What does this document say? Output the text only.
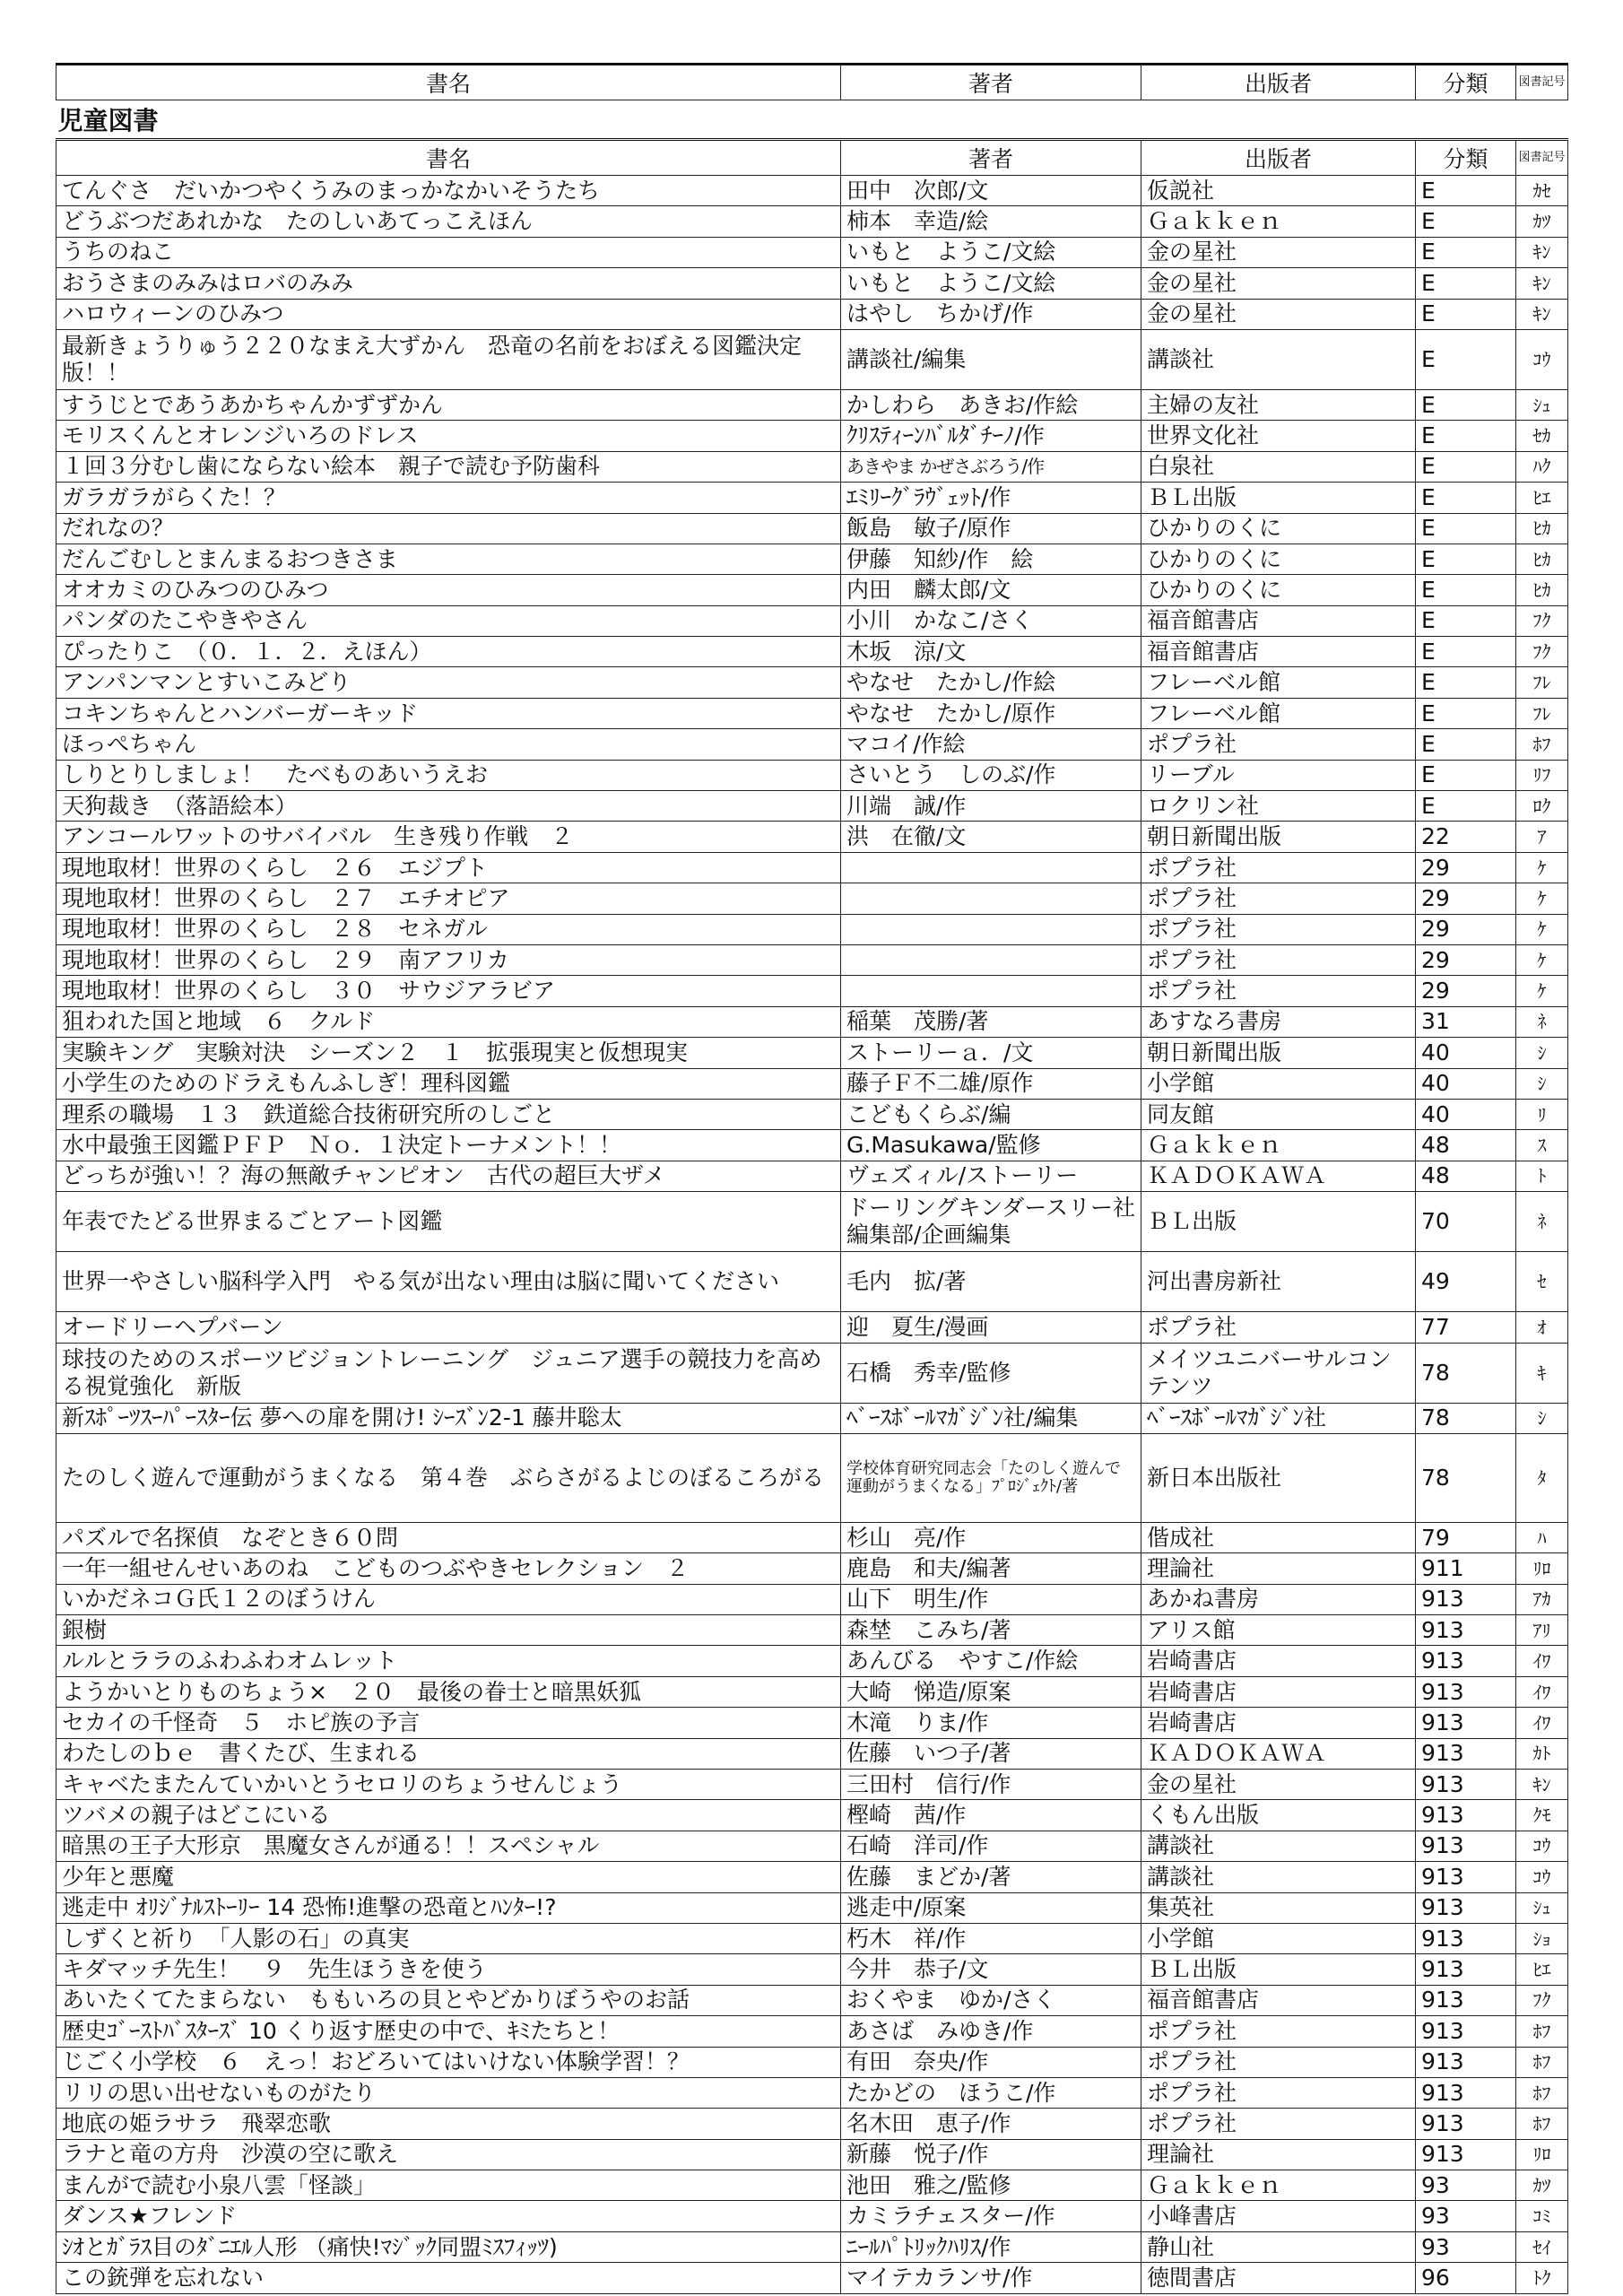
書名	著者	出版者	分類	図書記号
児童図書				
書名	著者	出版者	分類	図書記号
てんぐさ　だいかつやくうみのまっかなかいそうたち	田中　次郎/文	仮説社	E	ｶｾ
どうぶつだあれかな　たのしいあてっこえほん	柿本　幸造/絵	Ｇａｋｋｅｎ	E	ｶﾂ
うちのねこ	いもと　ようこ/文絵	金の星社	E	ｷﾝ
おうさまのみみはロバのみみ	いもと　ようこ/文絵	金の星社	E	ｷﾝ
ハロウィーンのひみつ	はやし　ちかげ/作	金の星社	E	ｷﾝ
最新きょうりゅう２２０なまえ大ずかん　恐竜の名前をおぼえる図鑑決定版！！	講談社/編集	講談社	E	ｺｳ
すうじとであうあかちゃんかずずかん	かしわら　あきお/作絵	主婦の友社	E	ｼｭ
モリスくんとオレンジいろのドレス	ｸﾘｽﾃｨｰﾝﾊﾞﾙﾀﾞﾁｰﾉ/作	世界文化社	E	ｾｶ
１回３分むし歯にならない絵本　親子で読む予防歯科	あきやま かぜさぶろう/作	白泉社	E	ﾊｸ
ガラガラがらくた！？	ｴﾐﾘｰｸﾞﾗｳﾞｪｯﾄ/作	ＢＬ出版	E	ﾋｴ
だれなの？	飯島　敏子/原作	ひかりのくに	E	ﾋｶ
だんごむしとまんまるおつきさま	伊藤　知紗/作　絵	ひかりのくに	E	ﾋｶ
オオカミのひみつのひみつ	内田　麟太郎/文	ひかりのくに	E	ﾋｶ
パンダのたこやきやさん	小川　かなこ/さく	福音館書店	E	ﾌｸ
ぴったりこ　（０．１．２．えほん）	木坂　涼/文	福音館書店	E	ﾌｸ
アンパンマンとすいこみどり	やなせ　たかし/作絵	フレーベル館	E	ﾌﾚ
コキンちゃんとハンバーガーキッド	やなせ　たかし/原作	フレーベル館	E	ﾌﾚ
ほっぺちゃん	マコイ/作絵	ポプラ社	E	ﾎﾌ
しりとりしましょ！　たべものあいうえお	さいとう　しのぶ/作	リーブル	E	ﾘﾌ
天狗裁き　（落語絵本）	川端　誠/作	ロクリン社	E	ﾛｸ
アンコールワットのサバイバル　生き残り作戦　２	洪　在徹/文	朝日新聞出版	22	ｱ
現地取材！世界のくらし　２６　エジプト		ポプラ社	29	ｹ
現地取材！世界のくらし　２７　エチオピア		ポプラ社	29	ｹ
現地取材！世界のくらし　２８　セネガル		ポプラ社	29	ｹ
現地取材！世界のくらし　２９　南アフリカ		ポプラ社	29	ｹ
現地取材！世界のくらし　３０　サウジアラビア		ポプラ社	29	ｹ
狙われた国と地域　６　クルド	稲葉　茂勝/著	あすなろ書房	31	ﾈ
実験キング　実験対決　シーズン２　１　拡張現実と仮想現実	ストーリーａ．/文	朝日新聞出版	40	ｼ
小学生のためのドラえもんふしぎ！理科図鑑	藤子Ｆ不二雄/原作	小学館	40	ｼ
理系の職場　１３　鉄道総合技術研究所のしごと	こどもくらぶ/編	同友館	40	ﾘ
水中最強王図鑑ＰＦＰ　Ｎｏ．１決定トーナメント！！	G.Masukawa/監修	Ｇａｋｋｅｎ	48	ｽ
どっちが強い！？海の無敵チャンピオン　古代の超巨大ザメ	ヴェズィル/ストーリー	ＫＡＤＯＫＡＷＡ	48	ﾄ
年表でたどる世界まるごとアート図鑑	ドーリングキンダースリー社編集部/企画編集	ＢＬ出版	70	ﾈ
世界一やさしい脳科学入門　やる気が出ない理由は脳に聞いてください	毛内　拡/著	河出書房新社	49	ｾ
オードリーヘプバーン	迎　夏生/漫画	ポプラ社	77	ｵ
球技のためのスポーツビジョントレーニング　ジュニア選手の競技力を高める視覚強化　新版	石橋　秀幸/監修	メイツユニバーサルコンテンツ	78	ｷ
新ｽﾎﾟｰﾂｽｰﾊﾟｰｽﾀｰ伝 夢への扉を開け! ｼｰｽﾞﾝ2-1 藤井聡太	ﾍﾞｰｽﾎﾞｰﾙﾏｶﾞｼﾞﾝ社/編集	ﾍﾞｰｽﾎﾞｰﾙﾏｶﾞｼﾞﾝ社	78	ｼ
たのしく遊んで運動がうまくなる　第４巻　ぶらさがるよじのぼるころがる	学校体育研究同志会「たのしく遊んで運動がうまくなる」ﾌﾟﾛｼﾞｪｸﾄ/著	新日本出版社	78	ﾀ
パズルで名探偵　なぞとき６０問	杉山　亮/作	偕成社	79	ﾊ
一年一組せんせいあのね　こどものつぶやきセレクション　２	鹿島　和夫/編著	理論社	911	ﾘﾛ
いかだネコＧ氏１２のぼうけん	山下　明生/作	あかね書房	913	ｱｶ
銀樹	森埜　こみち/著	アリス館	913	ｱﾘ
ルルとララのふわふわオムレット	あんびる　やすこ/作絵	岩崎書店	913	ｲﾜ
ようかいとりものちょう×　２０　最後の眷士と暗黒妖狐	大崎　悌造/原案	岩崎書店	913	ｲﾜ
セカイの千怪奇　５　ホピ族の予言	木滝　りま/作	岩崎書店	913	ｲﾜ
わたしのｂｅ　書くたび、生まれる	佐藤　いつ子/著	ＫＡＤＯＫＡＷＡ	913	ｶﾄ
キャベたまたんていかいとうセロリのちょうせんじょう	三田村　信行/作	金の星社	913	ｷﾝ
ツバメの親子はどこにいる	樫崎　茜/作	くもん出版	913	ｸﾓ
暗黒の王子大形京　黒魔女さんが通る！！スペシャル	石崎　洋司/作	講談社	913	ｺｳ
少年と悪魔	佐藤　まどか/著	講談社	913	ｺｳ
逃走中 ｵﾘｼﾞﾅﾙｽﾄｰﾘｰ 14 恐怖!進撃の恐竜とﾊﾝﾀｰ!?	逃走中/原案	集英社	913	ｼｭ
しずくと祈り　「人影の石」の真実	朽木　祥/作	小学館	913	ｼｮ
キダマッチ先生！　９　先生ほうきを使う	今井　恭子/文	ＢＬ出版	913	ﾋｴ
あいたくてたまらない　ももいろの貝とやどかりぼうやのお話	おくやま　ゆか/さく	福音館書店	913	ﾌｸ
歴史ｺﾞｰｽﾄﾊﾞｽﾀｰｽﾞ 10 くり返す歴史の中で、ｷﾐたちと！	あさば　みゆき/作	ポプラ社	913	ﾎﾌ
じごく小学校　６　えっ！おどろいてはいけない体験学習！？	有田　奈央/作	ポプラ社	913	ﾎﾌ
リリの思い出せないものがたり	たかどの　ほうこ/作	ポプラ社	913	ﾎﾌ
地底の姫ラサラ　飛翠恋歌	名木田　恵子/作	ポプラ社	913	ﾎﾌ
ラナと竜の方舟　沙漠の空に歌え	新藤　悦子/作	理論社	913	ﾘﾛ
まんがで読む小泉八雲「怪談」	池田　雅之/監修	Ｇａｋｋｅｎ	93	ｶﾂ
ダンス★フレンド	カミラチェスター/作	小峰書店	93	ｺﾐ
ｼｵとｶﾞﾗｽ目のﾀﾞﾆｴﾙ人形 （痛快!ﾏｼﾞｯｸ同盟ﾐｽﾌｨｯﾂ)	ﾆｰﾙﾊﾟﾄﾘｯｸﾊﾘｽ/作	静山社	93	ｾｲ
この銃弾を忘れない	マイテカランサ/作	徳間書店	96	ﾄｸ
